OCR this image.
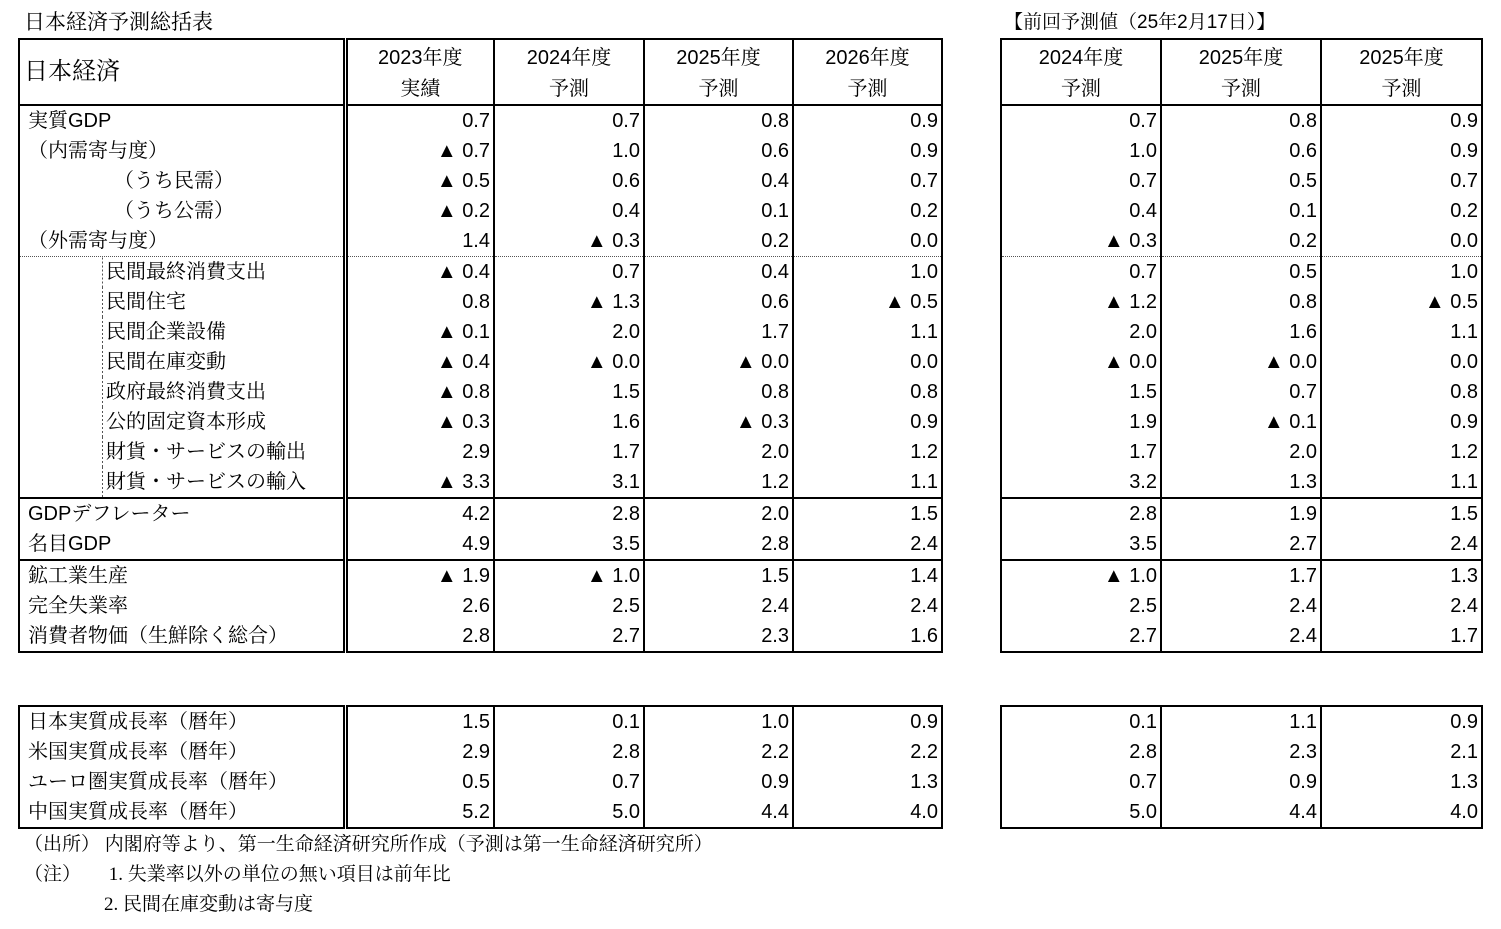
日本経済予測総括表	【前回予測値（25年2月17日）】
日本経済	2023年度	2024年度	2025年度	2026年度
	実績	予測	予測	予測
実質GDP	0.7	0.7	0.8	0.9
（内需寄与度）	▲ 0.7	1.0	0.6	0.9
（うち民需）	▲ 0.5	0.6	0.4	0.7
（うち公需）	▲ 0.2	0.4	0.1	0.2
（外需寄与度）	1.4	▲ 0.3	0.2	0.0
民間最終消費支出	▲ 0.4	0.7	0.4	1.0
民間住宅	0.8	▲ 1.3	0.6	▲ 0.5
民間企業設備	▲ 0.1	2.0	1.7	1.1
民間在庫変動	▲ 0.4	▲ 0.0	▲ 0.0	0.0
政府最終消費支出	▲ 0.8	1.5	0.8	0.8
公的固定資本形成	▲ 0.3	1.6	▲ 0.3	0.9
財貨・サービスの輸出	2.9	1.7	2.0	1.2
財貨・サービスの輸入	▲ 3.3	3.1	1.2	1.1
GDPデフレーター	4.2	2.8	2.0	1.5
名目GDP	4.9	3.5	2.8	2.4
鉱工業生産	▲ 1.9	▲ 1.0	1.5	1.4
完全失業率	2.6	2.5	2.4	2.4
消費者物価（生鮮除く総合）	2.8	2.7	2.3	1.6
2024年度	2025年度	2025年度
予測	予測	予測
0.7	0.8	0.9
1.0	0.6	0.9
0.7	0.5	0.7
0.4	0.1	0.2
▲ 0.3	0.2	0.0
0.7	0.5	1.0
▲ 1.2	0.8	▲ 0.5
2.0	1.6	1.1
▲ 0.0	▲ 0.0	0.0
1.5	0.7	0.8
1.9	▲ 0.1	0.9
1.7	2.0	1.2
3.2	1.3	1.1
2.8	1.9	1.5
3.5	2.7	2.4
▲ 1.0	1.7	1.3
2.5	2.4	2.4
2.7	2.4	1.7
日本実質成長率（暦年）	1.5	0.1	1.0	0.9
米国実質成長率（暦年）	2.9	2.8	2.2	2.2
ユーロ圏実質成長率（暦年）	0.5	0.7	0.9	1.3
中国実質成長率（暦年）	5.2	5.0	4.4	4.0
0.1	1.1	0.9
2.8	2.3	2.1
0.7	0.9	1.3
5.0	4.4	4.0
（出所） 内閣府等より、第一生命経済研究所作成（予測は第一生命経済研究所）
（注） 1. 失業率以外の単位の無い項目は前年比
2. 民間在庫変動は寄与度
